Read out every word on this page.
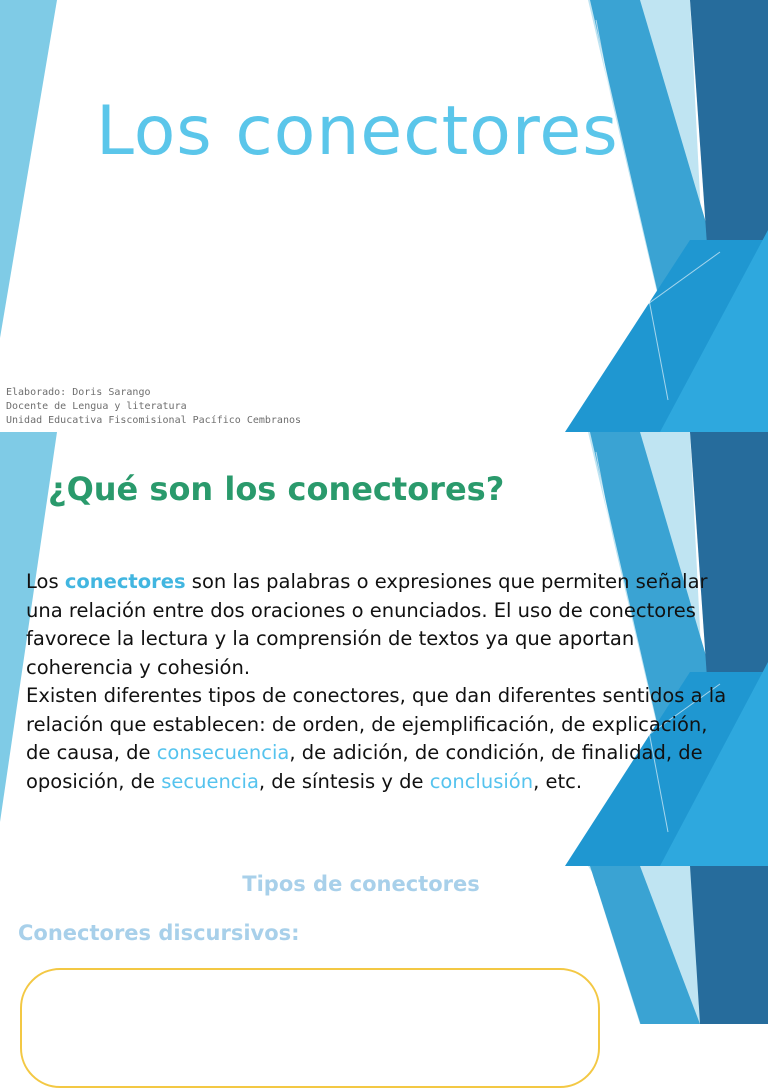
Los conectores
Elaborado: Doris Sarango
Docente de Lengua y literatura
Unidad Educativa Fiscomisional Pacífico Cembranos
¿Qué son los conectores?

Los conectores son las palabras o expresiones que permiten señalar una relación entre dos oraciones o enunciados. El uso de conectores favorece la lectura y la comprensión de textos ya que aportan coherencia y cohesión.

Existen diferentes tipos de conectores, que dan diferentes sentidos a la relación que establecen: de orden, de ejemplificación, de explicación, de causa, de consecuencia, de adición, de condición, de finalidad, de oposición, de secuencia, de síntesis y de conclusión, etc.

Tipos de conectores
Conectores discursivos:
